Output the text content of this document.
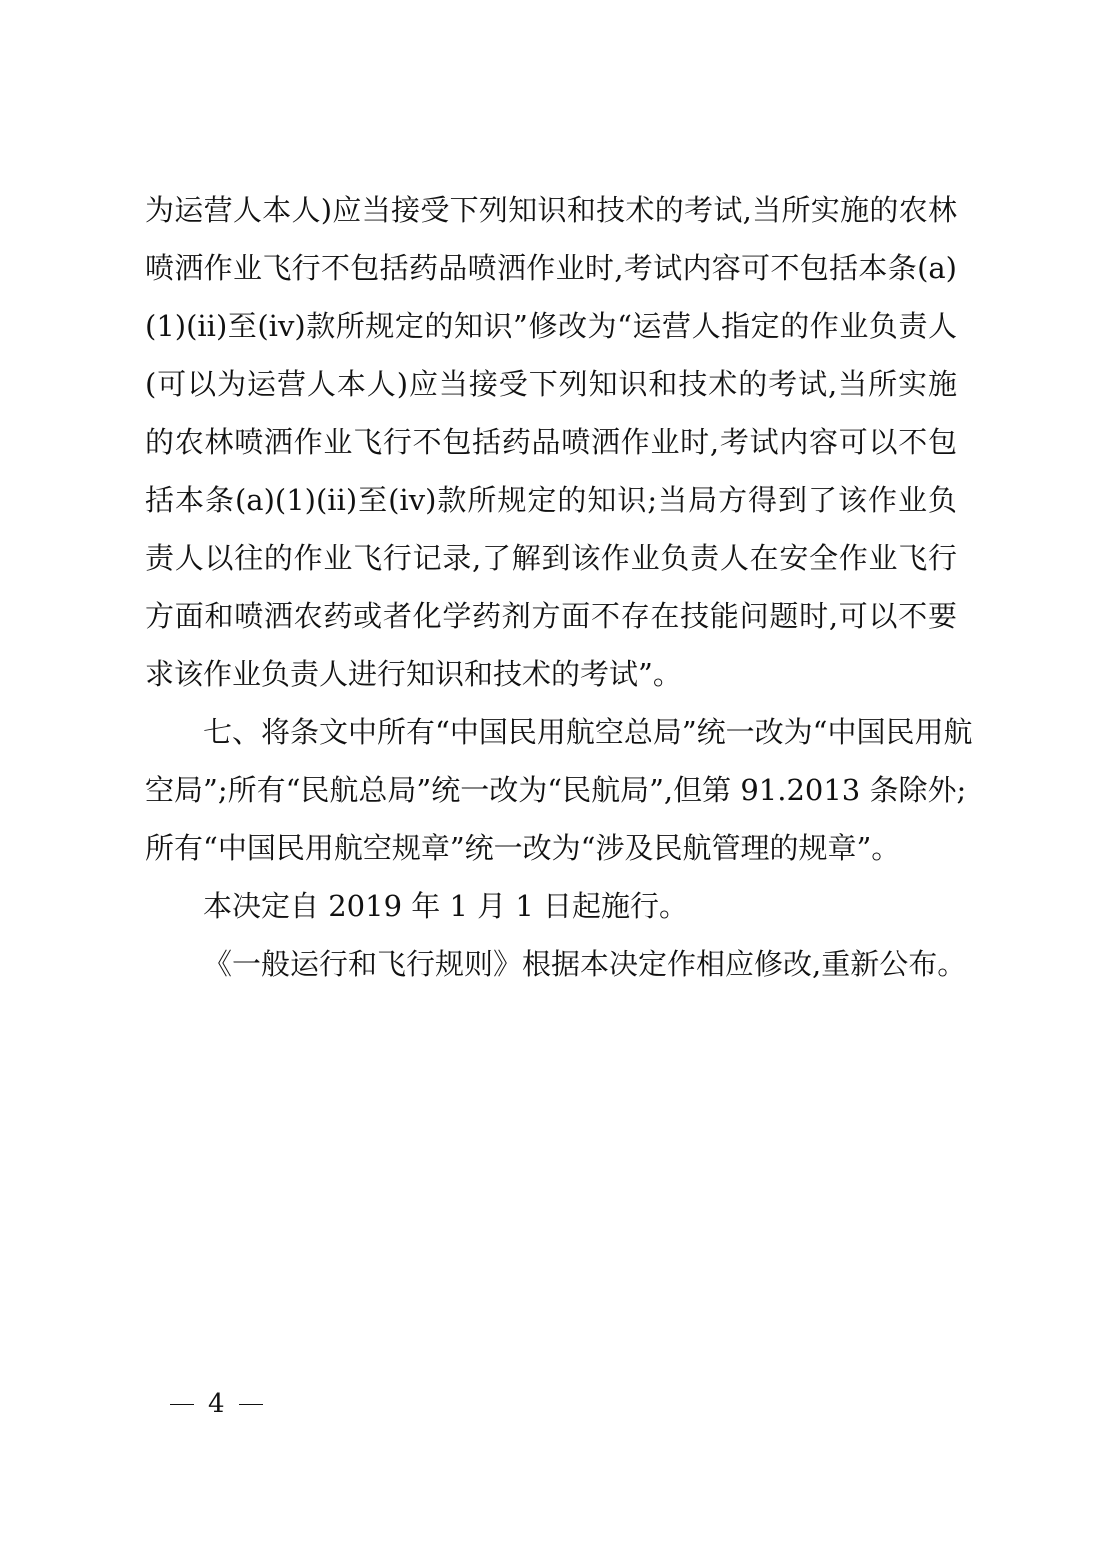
为运营人本人)应当接受下列知识和技术的考试,当所实施的农林
喷洒作业飞行不包括药品喷洒作业时,考试内容可不包括本条(a)
(1)(ii)至(iv)款所规定的知识”修改为“运营人指定的作业负责人
(可以为运营人本人)应当接受下列知识和技术的考试,当所实施
的农林喷洒作业飞行不包括药品喷洒作业时,考试内容可以不包
括本条(a)(1)(ii)至(iv)款所规定的知识;当局方得到了该作业负
责人以往的作业飞行记录,了解到该作业负责人在安全作业飞行
方面和喷洒农药或者化学药剂方面不存在技能问题时,可以不要
求该作业负责人进行知识和技术的考试”。
七、将条文中所有“中国民用航空总局”统一改为“中国民用航
空局”;所有“民航总局”统一改为“民航局”,但第 91.2013 条除外;
所有“中国民用航空规章”统一改为“涉及民航管理的规章”。
本决定自 2019 年 1 月 1 日起施行。
《一般运行和飞行规则》根据本决定作相应修改,重新公布。
4
